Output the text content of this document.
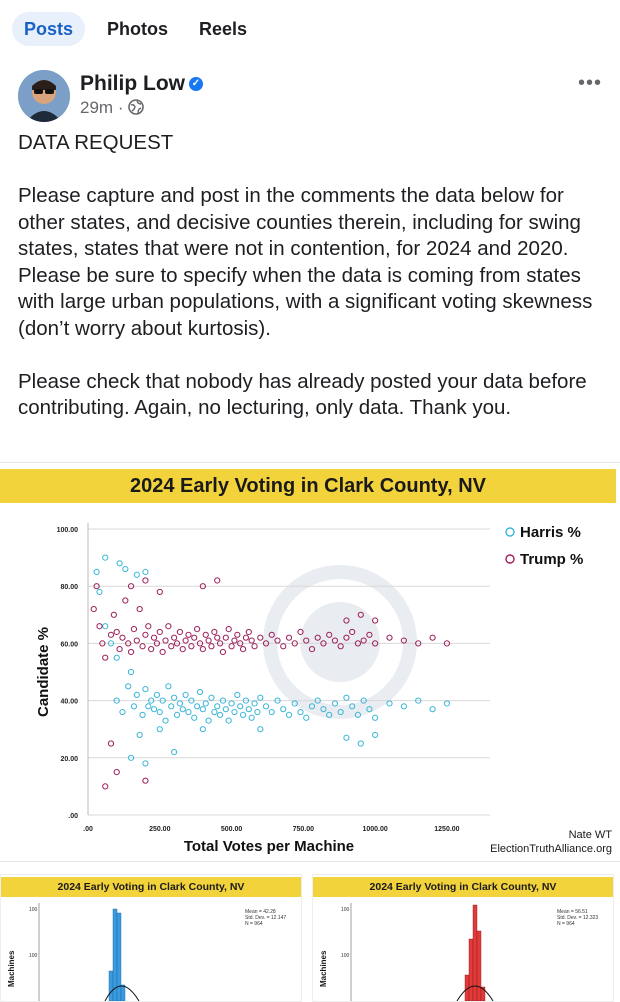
Posts	Photos	Reels
Philip Low ✓
29m ·
•••
DATA REQUEST

Please capture and post in the comments the data below for other states, and decisive counties therein, including for swing states, states that were not in contention, for 2024 and 2020. Please be sure to specify when the data is coming from states with large urban populations, with a significant voting skewness (don’t worry about kurtosis).

Please check that nobody has already posted your data before contributing. Again, no lecturing, only data. Thank you.
2024 Early Voting in Clark County, NV
.00
20.00
40.00
60.00
80.00
100.00
.00	250.00	500.00	750.00	1000.00	1250.00
Total Votes per Machine
Candidate %
Harris %
Trump %
Nate WT
ElectionTruthAlliance.org
2024 Early Voting in Clark County, NV
Mean = 42.28
Std. Dev. = 12.147
N = 964
Machines
100
100
2024 Early Voting in Clark County, NV
Mean = 56.51
Std. Dev. = 12.323
N = 964
Machines
100
100
